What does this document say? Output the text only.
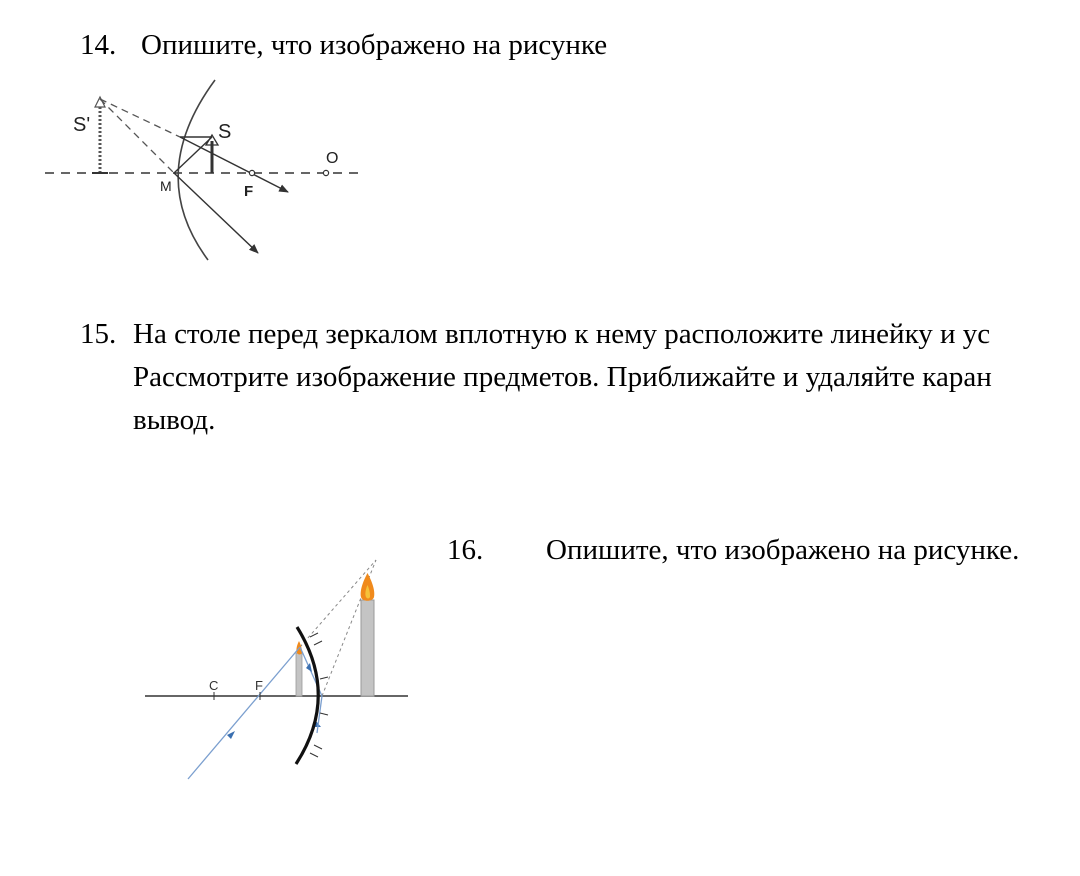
14. Опишите, что изображено на рисунке
S'	S
M	F
O
15. На столе перед зеркалом вплотную к нему расположите линейку и ус
Рассмотрите изображение предметов. Приближайте и удаляйте каран
вывод.
16. Опишите, что изображено на рисунке.
C	F
